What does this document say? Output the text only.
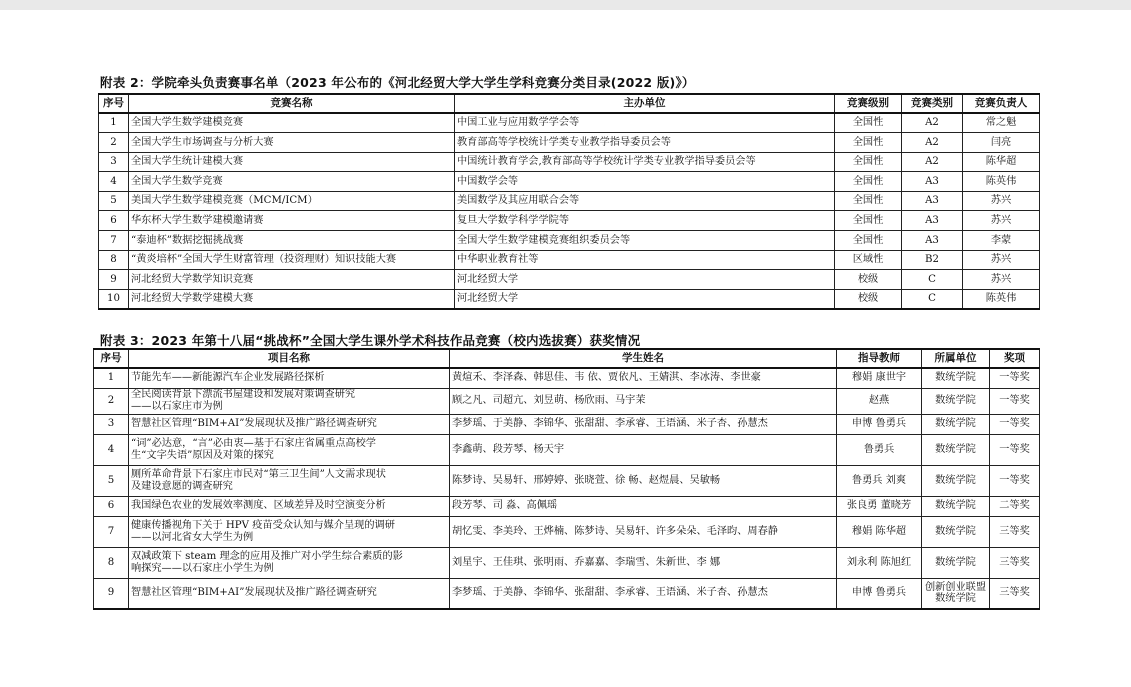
附表 2：学院牵头负责赛事名单（2023 年公布的《河北经贸大学大学生学科竞赛分类目录(2022 版)》）
序号	竞赛名称	主办单位	竞赛级别	竞赛类别	竞赛负责人
1	全国大学生数学建模竞赛	中国工业与应用数学学会等	全国性	A2	常之魁
2	全国大学生市场调查与分析大赛	教育部高等学校统计学类专业教学指导委员会等	全国性	A2	闫亮
3	全国大学生统计建模大赛	中国统计教育学会,教育部高等学校统计学类专业教学指导委员会等	全国性	A2	陈华超
4	全国大学生数学竞赛	中国数学会等	全国性	A3	陈英伟
5	美国大学生数学建模竞赛（MCM/ICM）	美国数学及其应用联合会等	全国性	A3	苏兴
6	华东杯大学生数学建模邀请赛	复旦大学数学科学学院等	全国性	A3	苏兴
7	“泰迪杯”数据挖掘挑战赛	全国大学生数学建模竞赛组织委员会等	全国性	A3	李蒙
8	“黄炎培杯”全国大学生财富管理（投资理财）知识技能大赛	中华职业教育社等	区域性	B2	苏兴
9	河北经贸大学数学知识竞赛	河北经贸大学	校级	C	苏兴
10	河北经贸大学数学建模大赛	河北经贸大学	校级	C	陈英伟
附表 3：2023 年第十八届“挑战杯”全国大学生课外学术科技作品竞赛（校内选拔赛）获奖情况
序号	项目名称	学生姓名	指导教师	所属单位	奖项
1	节能先车——新能源汽车企业发展路径探析	黄煊禾、李泽森、韩思佳、韦 依、贾依凡、王婧淇、李冰涛、李世豪	穆娟 康世宇	数统学院	一等奖
2	全民阅读背景下漂流书屋建设和发展对策调查研究
——以石家庄市为例	顾之凡、司超亢、刘昱萌、杨欣雨、马宇茉	赵燕	数统学院	一等奖
3	智慧社区管理“BIM+AI”发展现状及推广路径调查研究	李梦瑶、于美静、李锦华、张甜甜、李承睿、王语涵、米子杏、孙慧杰	申博 鲁勇兵	数统学院	一等奖
4	“词”必达意，“言”必由衷—基于石家庄省属重点高校学
生“文字失语”原因及对策的探究	李鑫萌、段芳琴、杨天宇	鲁勇兵	数统学院	一等奖
5	厕所革命背景下石家庄市民对“第三卫生间”人文需求现状
及建设意愿的调查研究	陈梦诗、吴易轩、邢婷婷、张晓萱、徐 畅、赵煜晨、吴敏畅	鲁勇兵 刘爽	数统学院	一等奖
6	我国绿色农业的发展效率测度、区域差异及时空演变分析	段芳琴、司 淼、高佩瑶	张良勇 董晓芳	数统学院	二等奖
7	健康传播视角下关于 HPV 疫苗受众认知与媒介呈现的调研
——以河北省女大学生为例	胡忆雯、李美玲、王烨楠、陈梦诗、吴易轩、许多朵朵、毛泽昀、周春静	穆娟 陈华超	数统学院	三等奖
8	双减政策下 steam 理念的应用及推广对小学生综合素质的影
响探究——以石家庄小学生为例	刘星宇、王佳琪、张明雨、乔嘉嘉、李瑞雪、朱新世、李 娜	刘永利 陈旭红	数统学院	三等奖
9	智慧社区管理“BIM+AI”发展现状及推广路径调查研究	李梦瑶、于美静、李锦华、张甜甜、李承睿、王语涵、米子杏、孙慧杰	申博 鲁勇兵	创新创业联盟
数统学院	三等奖
